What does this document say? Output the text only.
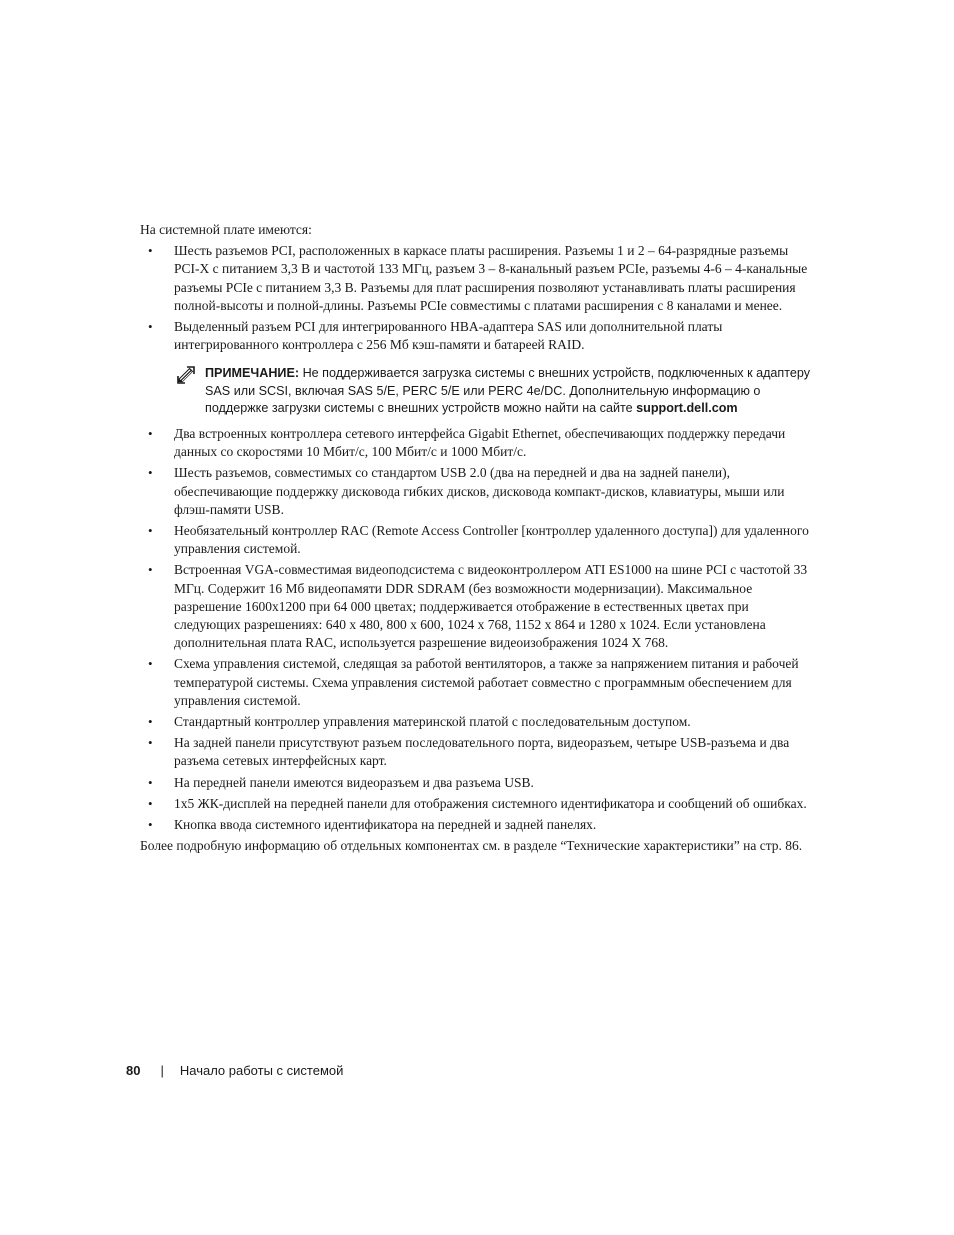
На системной плате имеются:

• Шесть разъемов PCI, расположенных в каркасе платы расширения. Разъемы 1 и 2 – 64-разрядные разъемы PCI-X с питанием 3,3 В и частотой 133 МГц, разъем 3 – 8-канальный разъем PCIe, разъемы 4-6 – 4-канальные разъемы PCIe с питанием 3,3 В. Разъемы для плат расширения позволяют устанавливать платы расширения полной-высоты и полной-длины. Разъемы PCIe совместимы с платами расширения с 8 каналами и менее.
• Выделенный разъем PCI для интегрированного HBA-адаптера SAS или дополнительной платы интегрированного контроллера с 256 Мб кэш-памяти и батареей RAID.
ПРИМЕЧАНИЕ: Не поддерживается загрузка системы с внешних устройств, подключенных к адаптеру SAS или SCSI, включая SAS 5/E, PERC 5/E или PERC 4e/DC. Дополнительную информацию о поддержке загрузки системы с внешних устройств можно найти на сайте support.dell.com
• Два встроенных контроллера сетевого интерфейса Gigabit Ethernet, обеспечивающих поддержку передачи данных со скоростями 10 Мбит/с, 100 Мбит/с и 1000 Мбит/с.
• Шесть разъемов, совместимых со стандартом USB 2.0 (два на передней и два на задней панели), обеспечивающие поддержку дисковода гибких дисков, дисковода компакт-дисков, клавиатуры, мыши или флэш-памяти USB.
• Необязательный контроллер RAC (Remote Access Controller [контроллер удаленного доступа]) для удаленного управления системой.
• Встроенная VGA-совместимая видеоподсистема с видеоконтроллером ATI ES1000 на шине PCI с частотой 33 МГц. Содержит 16 Мб видеопамяти DDR SDRAM (без возможности модернизации). Максимальное разрешение 1600x1200 при 64 000 цветах; поддерживается отображение в естественных цветах при следующих разрешениях: 640 x 480, 800 x 600, 1024 x 768, 1152 x 864 и 1280 x 1024. Если установлена дополнительная плата RAC, используется разрешение видеоизображения 1024 X 768.
• Схема управления системой, следящая за работой вентиляторов, а также за напряжением питания и рабочей температурой системы. Схема управления системой работает совместно с программным обеспечением для управления системой.
• Стандартный контроллер управления материнской платой с последовательным доступом.
• На задней панели присутствуют разъем последовательного порта, видеоразъем, четыре USB-разъема и два разъема сетевых интерфейсных карт.
• На передней панели имеются видеоразъем и два разъема USB.
• 1x5 ЖК-дисплей на передней панели для отображения системного идентификатора и сообщений об ошибках.
• Кнопка ввода системного идентификатора на передней и задней панелях.

Более подробную информацию об отдельных компонентах см. в разделе “Технические характеристики” на стр. 86.

80 | Начало работы с системой
